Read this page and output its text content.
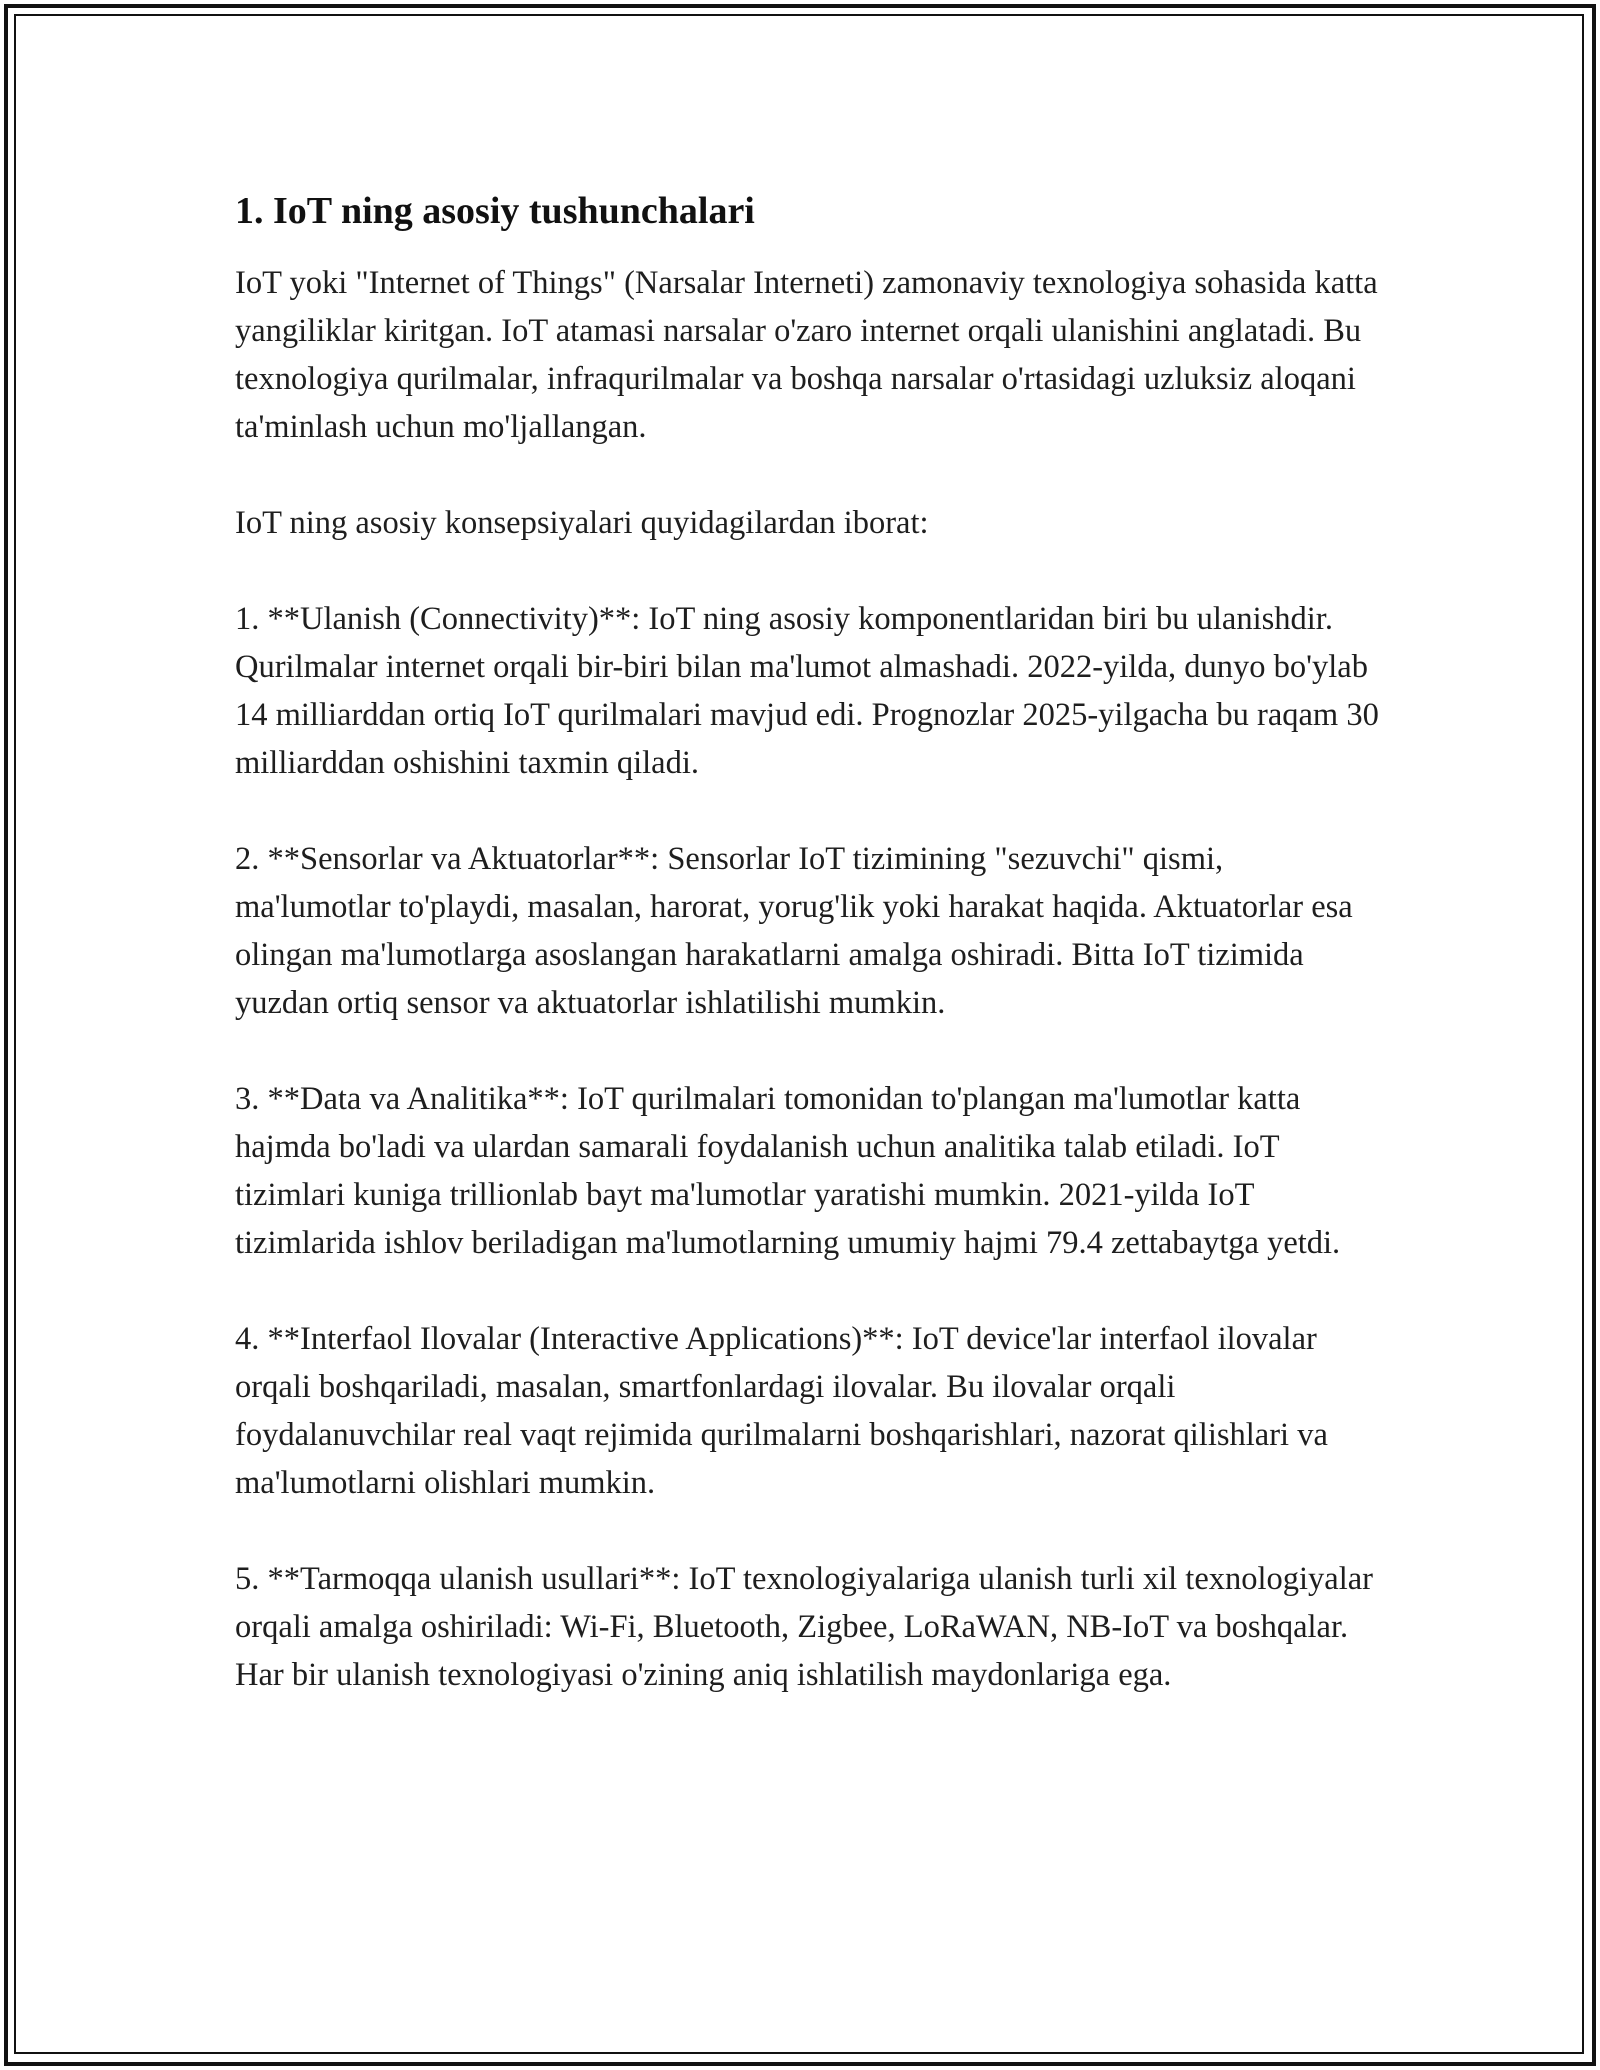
1. IoT ning asosiy tushunchalari

IoT yoki "Internet of Things" (Narsalar Interneti) zamonaviy texnologiya sohasida katta yangiliklar kiritgan. IoT atamasi narsalar o'zaro internet orqali ulanishini anglatadi. Bu texnologiya qurilmalar, infraqurilmalar va boshqa narsalar o'rtasidagi uzluksiz aloqani ta'minlash uchun mo'ljallangan.

IoT ning asosiy konsepsiyalari quyidagilardan iborat:

1. **Ulanish (Connectivity)**: IoT ning asosiy komponentlaridan biri bu ulanishdir. Qurilmalar internet orqali bir-biri bilan ma'lumot almashadi. 2022-yilda, dunyo bo'ylab 14 milliarddan ortiq IoT qurilmalari mavjud edi. Prognozlar 2025-yilgacha bu raqam 30 milliarddan oshishini taxmin qiladi.

2. **Sensorlar va Aktuatorlar**: Sensorlar IoT tizimining "sezuvchi" qismi, ma'lumotlar to'playdi, masalan, harorat, yorug'lik yoki harakat haqida. Aktuatorlar esa olingan ma'lumotlarga asoslangan harakatlarni amalga oshiradi. Bitta IoT tizimida yuzdan ortiq sensor va aktuatorlar ishlatilishi mumkin.

3. **Data va Analitika**: IoT qurilmalari tomonidan to'plangan ma'lumotlar katta hajmda bo'ladi va ulardan samarali foydalanish uchun analitika talab etiladi. IoT tizimlari kuniga trillionlab bayt ma'lumotlar yaratishi mumkin. 2021-yilda IoT tizimlarida ishlov beriladigan ma'lumotlarning umumiy hajmi 79.4 zettabaytga yetdi.

4. **Interfaol Ilovalar (Interactive Applications)**: IoT device'lar interfaol ilovalar orqali boshqariladi, masalan, smartfonlardagi ilovalar. Bu ilovalar orqali foydalanuvchilar real vaqt rejimida qurilmalarni boshqarishlari, nazorat qilishlari va ma'lumotlarni olishlari mumkin.

5. **Tarmoqqa ulanish usullari**: IoT texnologiyalariga ulanish turli xil texnologiyalar orqali amalga oshiriladi: Wi-Fi, Bluetooth, Zigbee, LoRaWAN, NB-IoT va boshqalar. Har bir ulanish texnologiyasi o'zining aniq ishlatilish maydonlariga ega.
